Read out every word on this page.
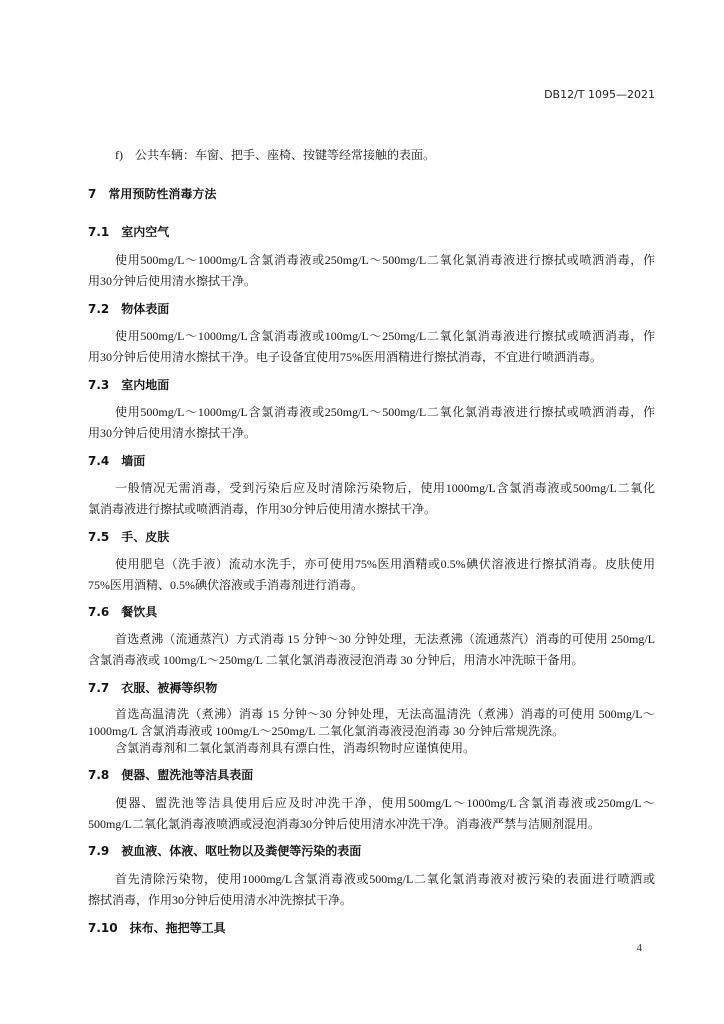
DB12/T 1095—2021
f) 公共车辆：车窗、把手、座椅、按键等经常接触的表面。
7 常用预防性消毒方法
7.1 室内空气
使用500mg/L～1000mg/L含氯消毒液或250mg/L～500mg/L二氧化氯消毒液进行擦拭或喷洒消毒，作
用30分钟后使用清水擦拭干净。
7.2 物体表面
使用500mg/L～1000mg/L含氯消毒液或100mg/L～250mg/L二氧化氯消毒液进行擦拭或喷洒消毒，作
用30分钟后使用清水擦拭干净。电子设备宜使用75%医用酒精进行擦拭消毒，不宜进行喷洒消毒。
7.3 室内地面
使用500mg/L～1000mg/L含氯消毒液或250mg/L～500mg/L二氧化氯消毒液进行擦拭或喷洒消毒，作
用30分钟后使用清水擦拭干净。
7.4 墙面
一般情况无需消毒，受到污染后应及时清除污染物后，使用1000mg/L含氯消毒液或500mg/L二氧化
氯消毒液进行擦拭或喷洒消毒，作用30分钟后使用清水擦拭干净。
7.5 手、皮肤
使用肥皂（洗手液）流动水洗手，亦可使用75%医用酒精或0.5%碘伏溶液进行擦拭消毒。皮肤使用
75%医用酒精、0.5%碘伏溶液或手消毒剂进行消毒。
7.6 餐饮具
首选煮沸（流通蒸汽）方式消毒 15 分钟～30 分钟处理，无法煮沸（流通蒸汽）消毒的可使用 250mg/L
含氯消毒液或 100mg/L～250mg/L 二氧化氯消毒液浸泡消毒 30 分钟后，用清水冲洗晾干备用。
7.7 衣服、被褥等织物
首选高温清洗（煮沸）消毒 15 分钟～30 分钟处理，无法高温清洗（煮沸）消毒的可使用 500mg/L～
1000mg/L 含氯消毒液或 100mg/L～250mg/L 二氧化氯消毒液浸泡消毒 30 分钟后常规洗涤。
含氯消毒剂和二氧化氯消毒剂具有漂白性，消毒织物时应谨慎使用。
7.8 便器、盥洗池等洁具表面
便器、盥洗池等洁具使用后应及时冲洗干净，使用500mg/L～1000mg/L含氯消毒液或250mg/L～
500mg/L二氧化氯消毒液喷洒或浸泡消毒30分钟后使用清水冲洗干净。消毒液严禁与洁厕剂混用。
7.9 被血液、体液、呕吐物以及粪便等污染的表面
首先清除污染物，使用1000mg/L含氯消毒液或500mg/L二氧化氯消毒液对被污染的表面进行喷洒或
擦拭消毒，作用30分钟后使用清水冲洗擦拭干净。
7.10 抹布、拖把等工具
4
